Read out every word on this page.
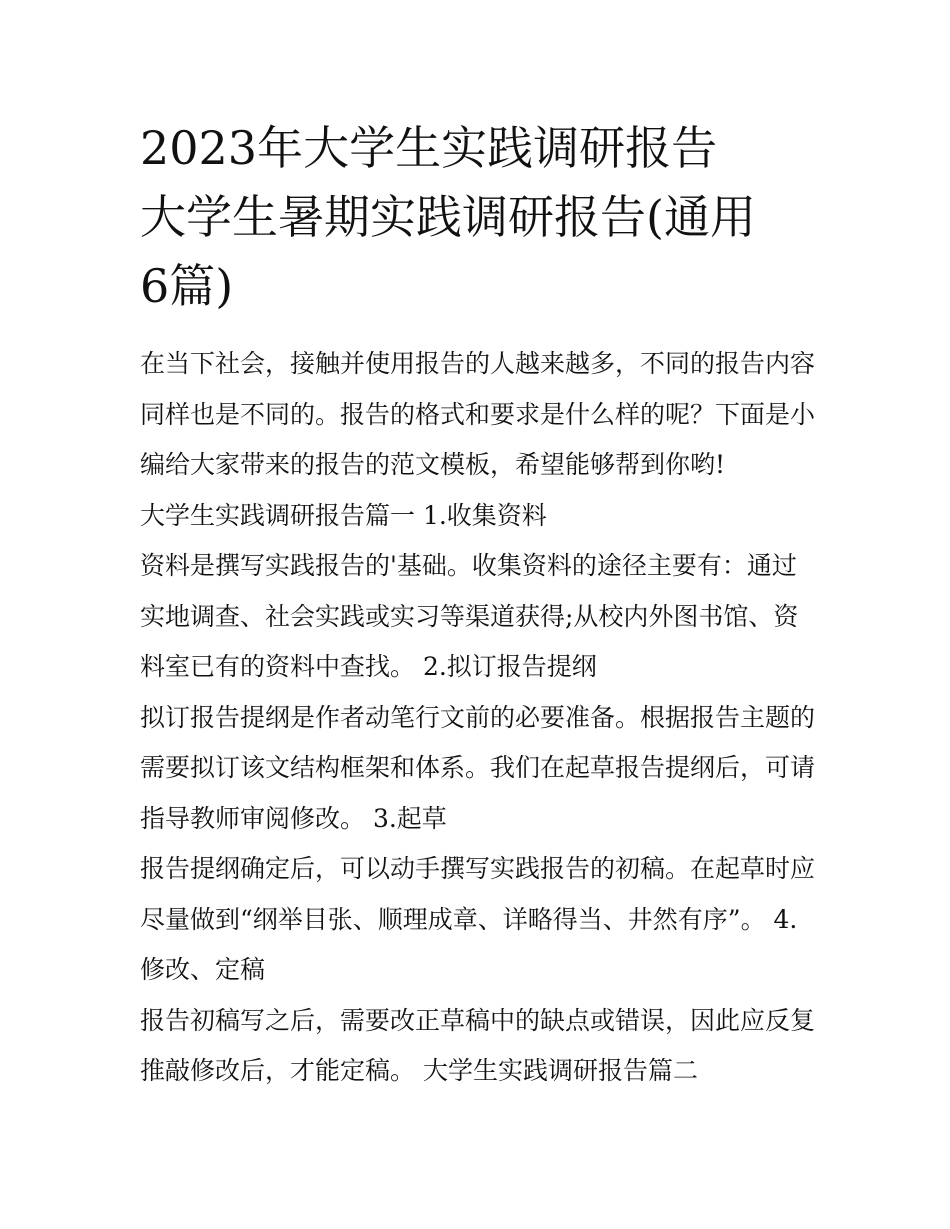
2023年大学生实践调研报告
大学生暑期实践调研报告(通用
6篇)

在当下社会，接触并使用报告的人越来越多，不同的报告内容同样也是不同的。报告的格式和要求是什么样的呢？下面是小编给大家带来的报告的范文模板，希望能够帮到你哟!

大学生实践调研报告篇一 1.收集资料

资料是撰写实践报告的'基础。收集资料的途径主要有：通过实地调查、社会实践或实习等渠道获得;从校内外图书馆、资料室已有的资料中查找。 2.拟订报告提纲

拟订报告提纲是作者动笔行文前的必要准备。根据报告主题的需要拟订该文结构框架和体系。我们在起草报告提纲后，可请指导教师审阅修改。 3.起草

报告提纲确定后，可以动手撰写实践报告的初稿。在起草时应尽量做到“纲举目张、顺理成章、详略得当、井然有序”。 4.修改、定稿

报告初稿写之后，需要改正草稿中的缺点或错误，因此应反复推敲修改后，才能定稿。 大学生实践调研报告篇二
